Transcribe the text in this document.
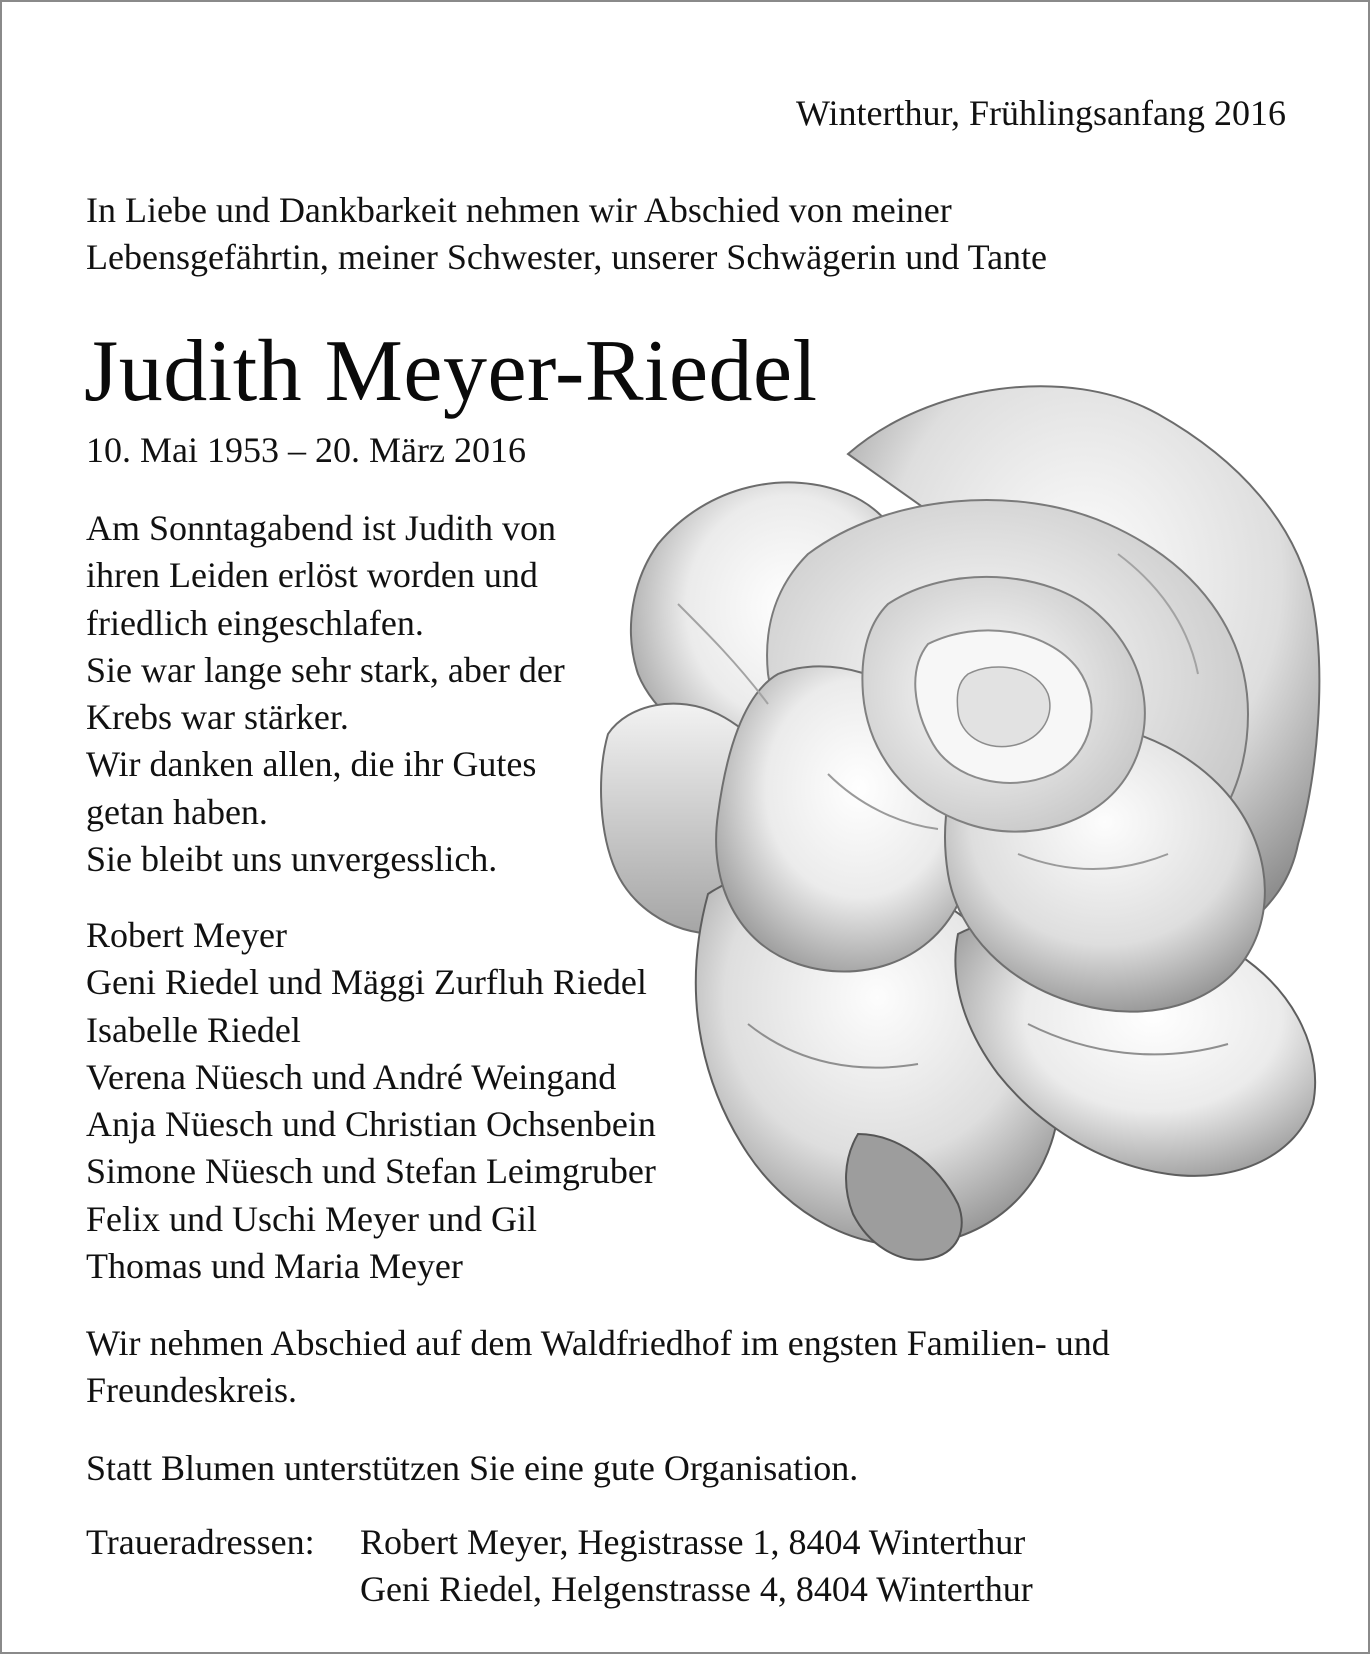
Winterthur, Frühlingsanfang 2016
In Liebe und Dankbarkeit nehmen wir Abschied von meiner
Lebensgefährtin, meiner Schwester, unserer Schwägerin und Tante
Judith Meyer-Riedel
10. Mai 1953 – 20. März 2016
Am Sonntagabend ist Judith von
ihren Leiden erlöst worden und
friedlich eingeschlafen.
Sie war lange sehr stark, aber der
Krebs war stärker.
Wir danken allen, die ihr Gutes
getan haben.
Sie bleibt uns unvergesslich.
Robert Meyer
Geni Riedel und Mäggi Zurfluh Riedel
Isabelle Riedel
Verena Nüesch und André Weingand
Anja Nüesch und Christian Ochsenbein
Simone Nüesch und Stefan Leimgruber
Felix und Uschi Meyer und Gil
Thomas und Maria Meyer
Wir nehmen Abschied auf dem Waldfriedhof im engsten Familien- und
Freundeskreis.
Statt Blumen unterstützen Sie eine gute Organisation.
Traueradressen: Robert Meyer, Hegistrasse 1, 8404 Winterthur
Geni Riedel, Helgenstrasse 4, 8404 Winterthur
